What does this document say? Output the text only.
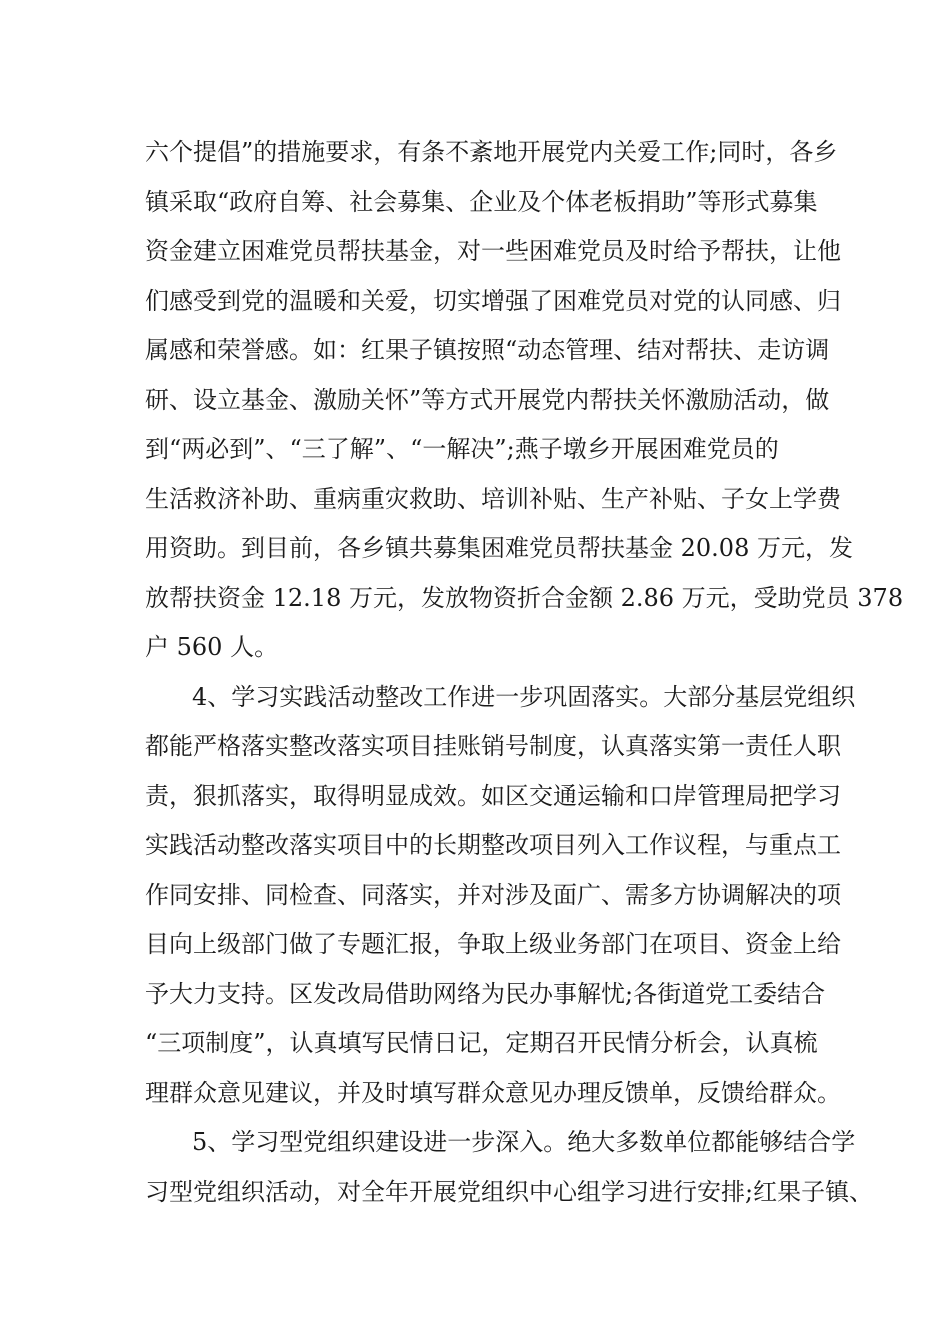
六个提倡”的措施要求，有条不紊地开展党内关爱工作;同时，各乡
镇采取“政府自筹、社会募集、企业及个体老板捐助”等形式募集
资金建立困难党员帮扶基金，对一些困难党员及时给予帮扶，让他
们感受到党的温暖和关爱，切实增强了困难党员对党的认同感、归
属感和荣誉感。如：红果子镇按照“动态管理、结对帮扶、走访调
研、设立基金、激励关怀”等方式开展党内帮扶关怀激励活动，做
到“两必到”、“三了解”、“一解决”;燕子墩乡开展困难党员的
生活救济补助、重病重灾救助、培训补贴、生产补贴、子女上学费
用资助。到目前，各乡镇共募集困难党员帮扶基金 20.08 万元，发
放帮扶资金 12.18 万元，发放物资折合金额 2.86 万元，受助党员 378
户 560 人。
4、学习实践活动整改工作进一步巩固落实。大部分基层党组织
都能严格落实整改落实项目挂账销号制度，认真落实第一责任人职
责，狠抓落实，取得明显成效。如区交通运输和口岸管理局把学习
实践活动整改落实项目中的长期整改项目列入工作议程，与重点工
作同安排、同检查、同落实，并对涉及面广、需多方协调解决的项
目向上级部门做了专题汇报，争取上级业务部门在项目、资金上给
予大力支持。区发改局借助网络为民办事解忧;各街道党工委结合
“三项制度”，认真填写民情日记，定期召开民情分析会，认真梳
理群众意见建议，并及时填写群众意见办理反馈单，反馈给群众。
5、学习型党组织建设进一步深入。绝大多数单位都能够结合学
习型党组织活动，对全年开展党组织中心组学习进行安排;红果子镇、
